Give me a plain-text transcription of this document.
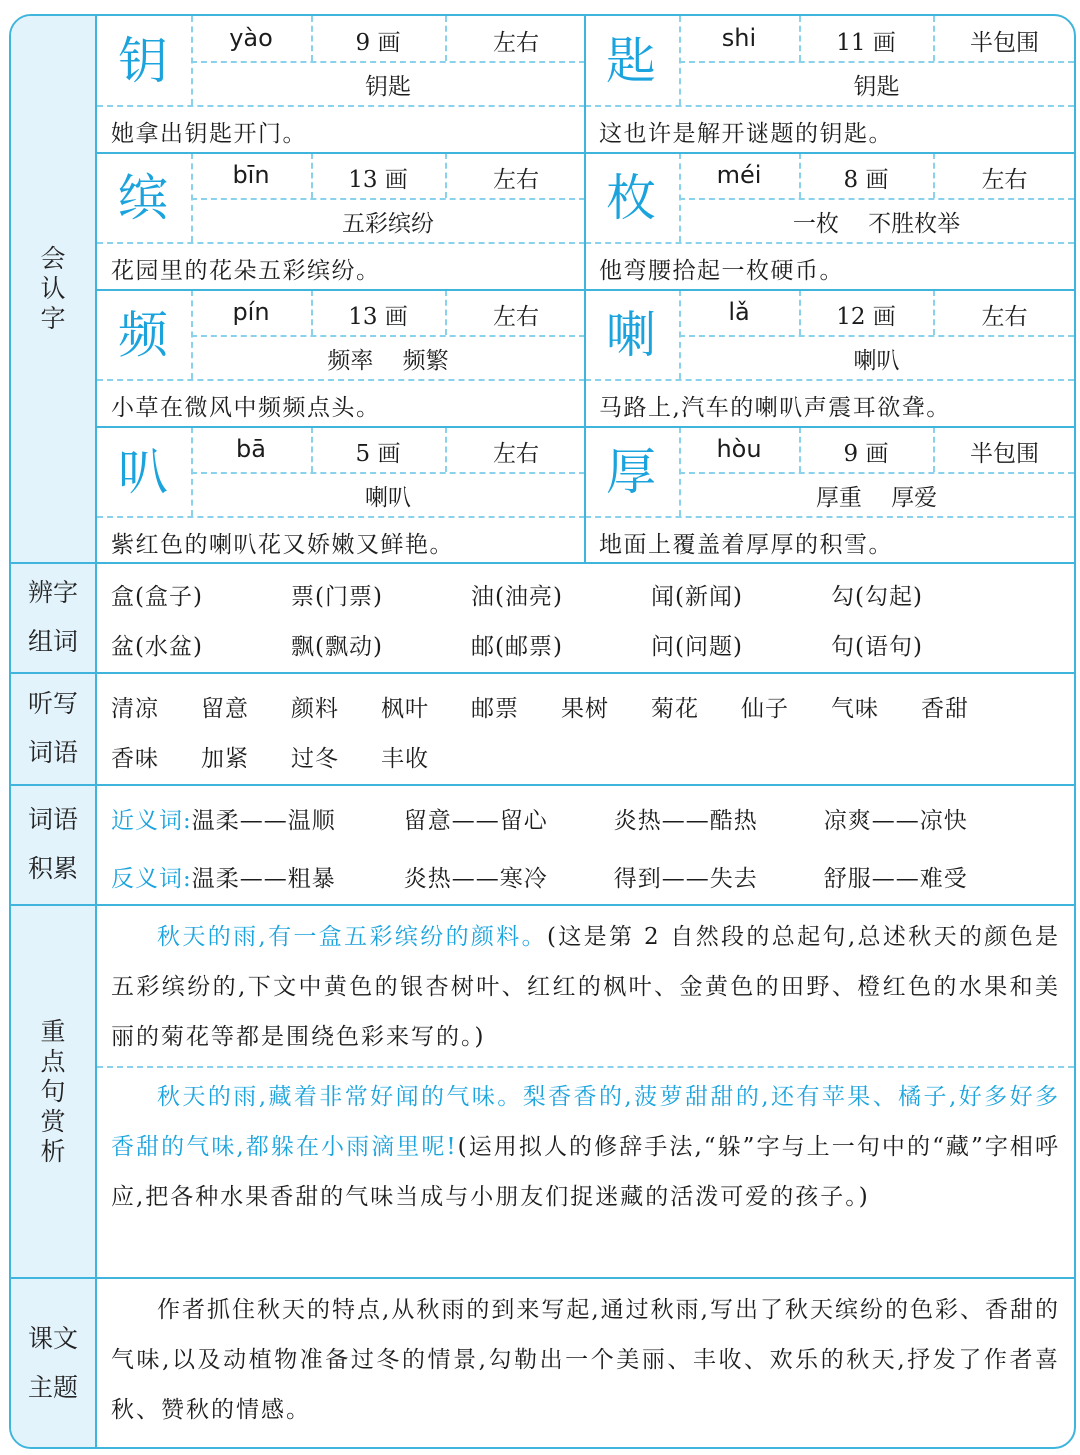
会认字
钥	yào	9 画	左右
钥匙
她拿出钥匙开门。
匙	shi	11 画	半包围
钥匙
这也许是解开谜题的钥匙。
缤	bīn	13 画	左右
五彩缤纷
花园里的花朵五彩缤纷。
枚	méi	8 画	左右
一枚 不胜枚举
他弯腰拾起一枚硬币。
频	pín	13 画	左右
频率 频繁
小草在微风中频频点头。
喇	lǎ	12 画	左右
喇叭
马路上,汽车的喇叭声震耳欲聋。
叭	bā	5 画	左右
喇叭
紫红色的喇叭花又娇嫩又鲜艳。
厚	hòu	9 画	半包围
厚重 厚爱
地面上覆盖着厚厚的积雪。
辨字组词
盒(盒子)	票(门票)	油(油亮)	闻(新闻)	勾(勾起)
盆(水盆)	飘(飘动)	邮(邮票)	问(问题)	句(语句)
听写词语
清凉 留意 颜料 枫叶 邮票 果树 菊花 仙子 气味 香甜
香味 加紧 过冬 丰收
词语积累
近义词:温柔——温顺	留意——留心	炎热——酷热	凉爽——凉快
反义词:温柔——粗暴	炎热——寒冷	得到——失去	舒服——难受
重点句赏析
秋天的雨,有一盒五彩缤纷的颜料。(这是第 2 自然段的总起句,总述秋天的颜色是五彩缤纷的,下文中黄色的银杏树叶、红红的枫叶、金黄色的田野、橙红色的水果和美丽的菊花等都是围绕色彩来写的。)
秋天的雨,藏着非常好闻的气味。梨香香的,菠萝甜甜的,还有苹果、橘子,好多好多香甜的气味,都躲在小雨滴里呢!(运用拟人的修辞手法,“躲”字与上一句中的“藏”字相呼应,把各种水果香甜的气味当成与小朋友们捉迷藏的活泼可爱的孩子。)
课文主题
作者抓住秋天的特点,从秋雨的到来写起,通过秋雨,写出了秋天缤纷的色彩、香甜的气味,以及动植物准备过冬的情景,勾勒出一个美丽、丰收、欢乐的秋天,抒发了作者喜秋、赞秋的情感。
